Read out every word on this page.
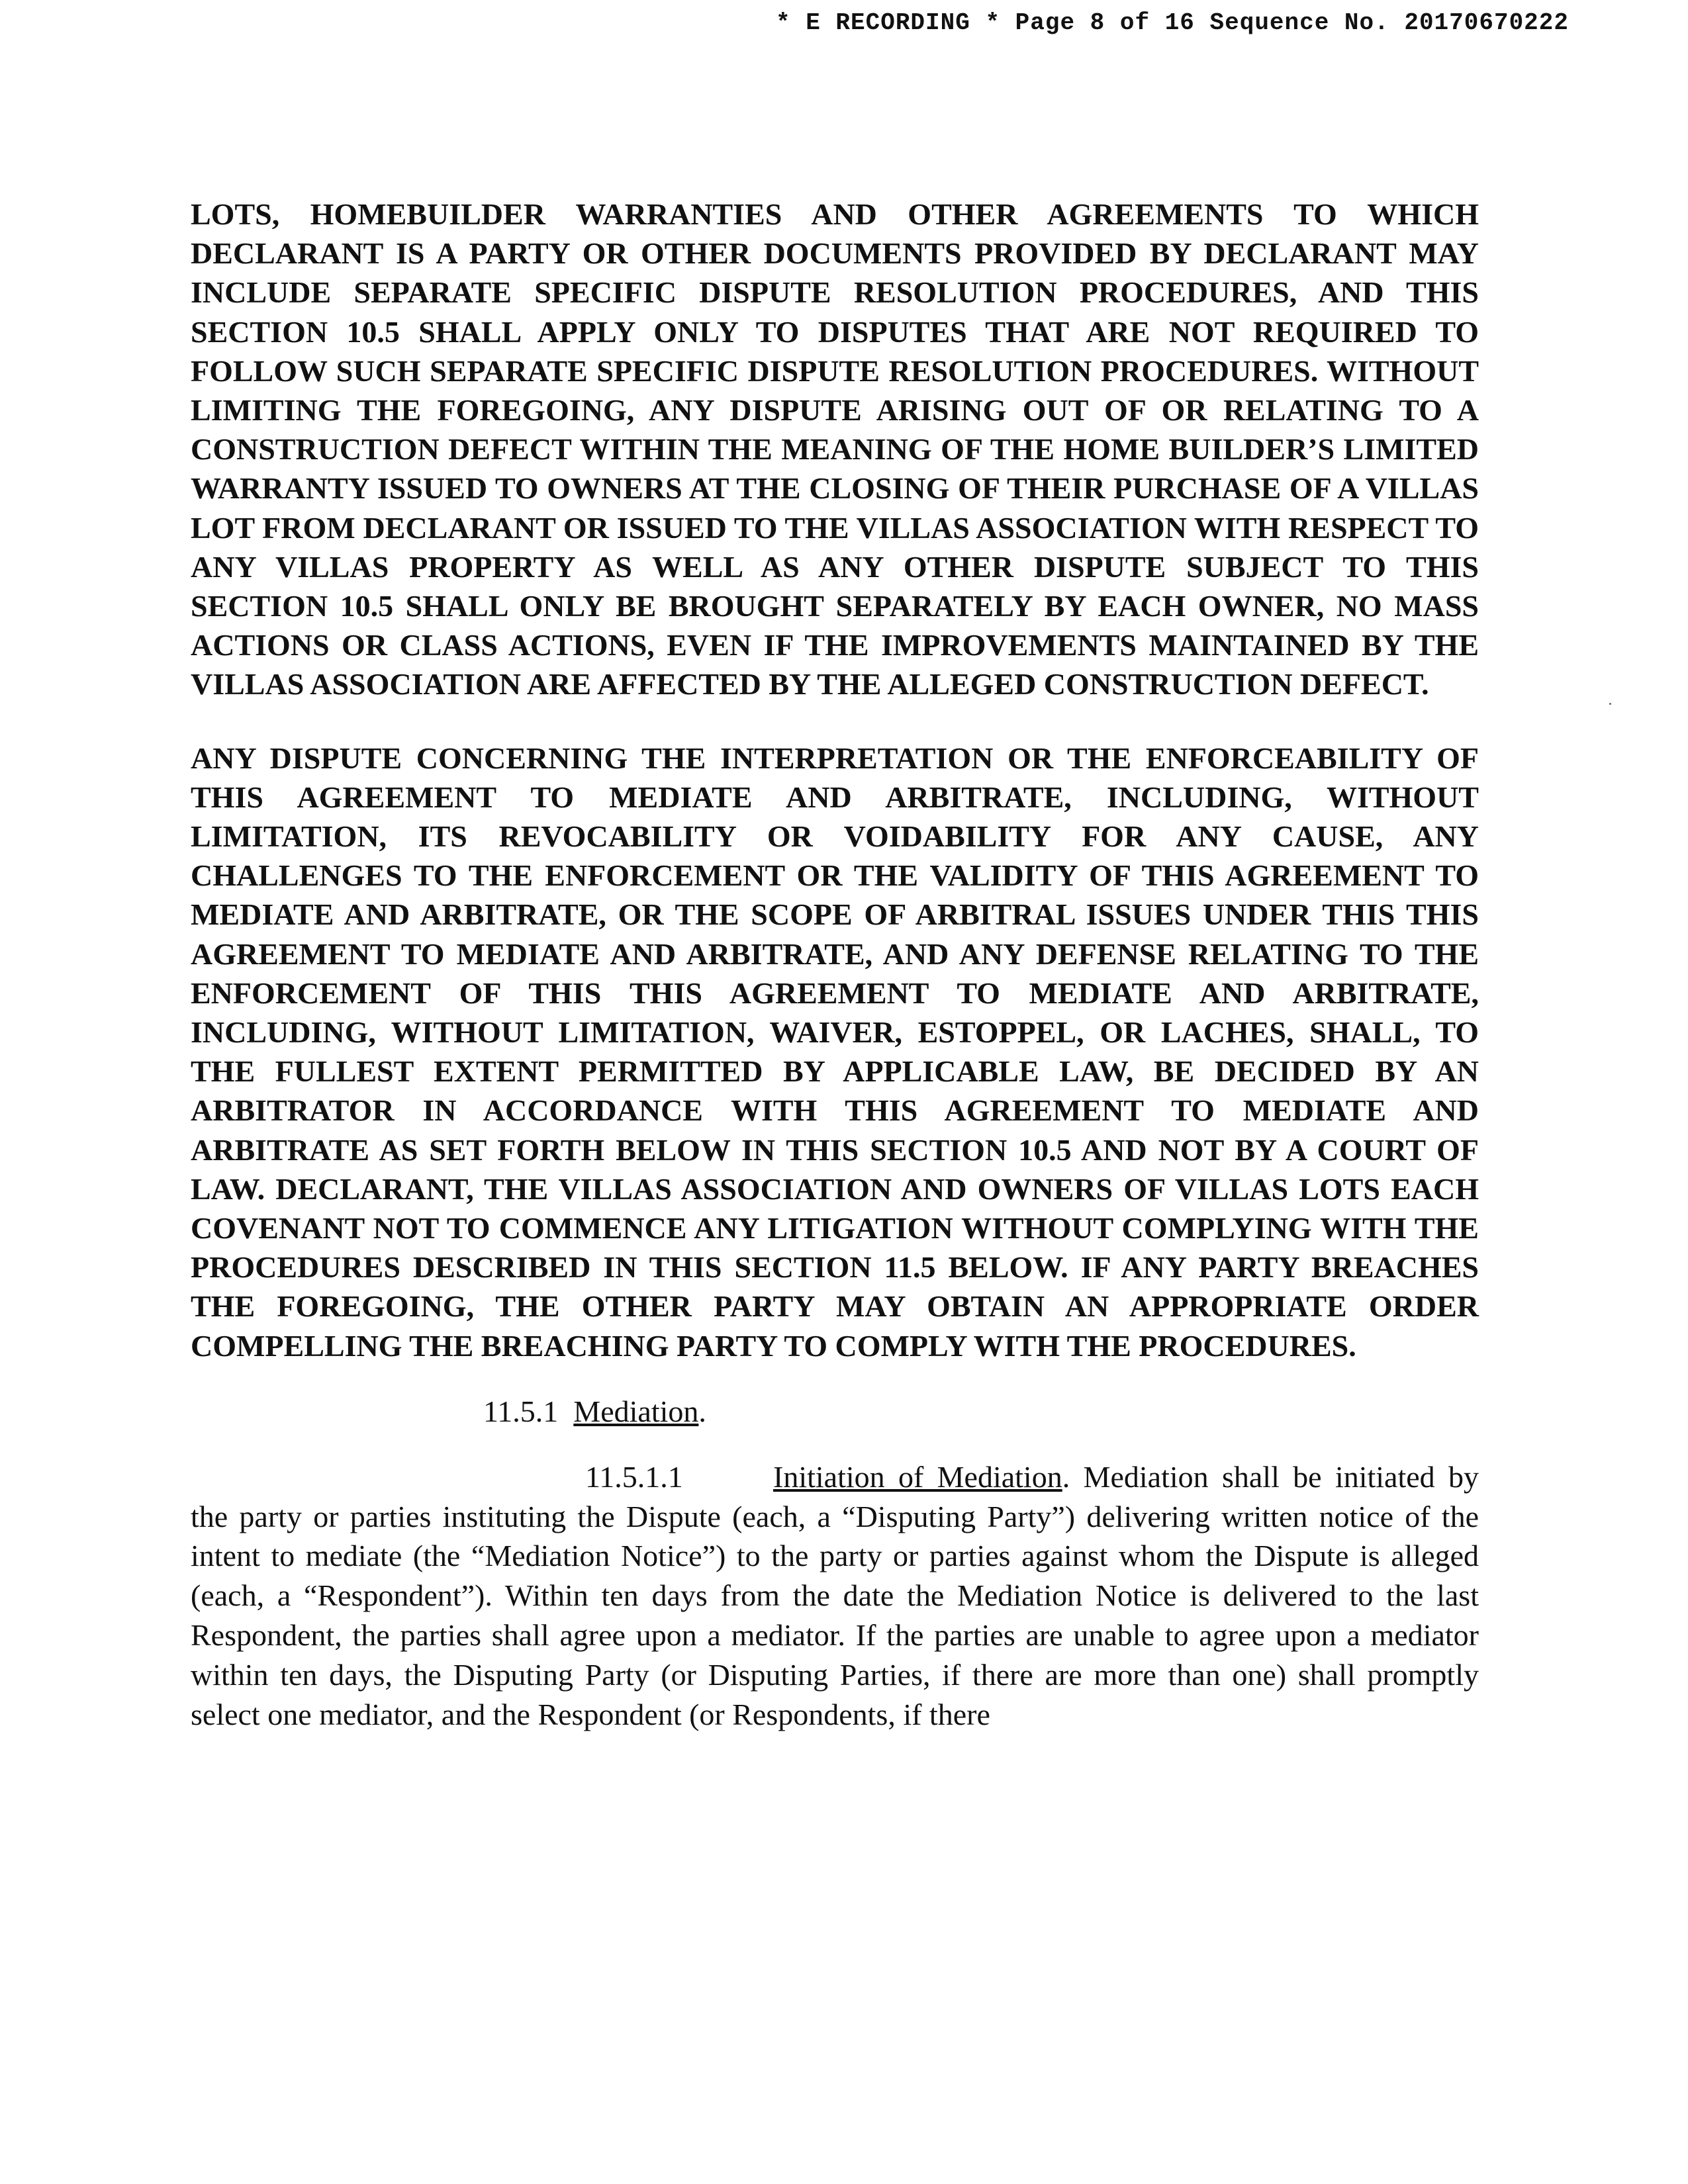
* E RECORDING * Page 8 of 16 Sequence No. 20170670222

LOTS, HOMEBUILDER WARRANTIES AND OTHER AGREEMENTS TO WHICH DECLARANT IS A PARTY OR OTHER DOCUMENTS PROVIDED BY DECLARANT MAY INCLUDE SEPARATE SPECIFIC DISPUTE RESOLUTION PROCEDURES, AND THIS SECTION 10.5 SHALL APPLY ONLY TO DISPUTES THAT ARE NOT REQUIRED TO FOLLOW SUCH SEPARATE SPECIFIC DISPUTE RESOLUTION PROCEDURES. WITHOUT LIMITING THE FOREGOING, ANY DISPUTE ARISING OUT OF OR RELATING TO A CONSTRUCTION DEFECT WITHIN THE MEANING OF THE HOME BUILDER’S LIMITED WARRANTY ISSUED TO OWNERS AT THE CLOSING OF THEIR PURCHASE OF A VILLAS LOT FROM DECLARANT OR ISSUED TO THE VILLAS ASSOCIATION WITH RESPECT TO ANY VILLAS PROPERTY AS WELL AS ANY OTHER DISPUTE SUBJECT TO THIS SECTION 10.5 SHALL ONLY BE BROUGHT SEPARATELY BY EACH OWNER, NO MASS ACTIONS OR CLASS ACTIONS, EVEN IF THE IMPROVEMENTS MAINTAINED BY THE VILLAS ASSOCIATION ARE AFFECTED BY THE ALLEGED CONSTRUCTION DEFECT.

ANY DISPUTE CONCERNING THE INTERPRETATION OR THE ENFORCEABILITY OF THIS AGREEMENT TO MEDIATE AND ARBITRATE, INCLUDING, WITHOUT LIMITATION, ITS REVOCABILITY OR VOIDABILITY FOR ANY CAUSE, ANY CHALLENGES TO THE ENFORCEMENT OR THE VALIDITY OF THIS AGREEMENT TO MEDIATE AND ARBITRATE, OR THE SCOPE OF ARBITRAL ISSUES UNDER THIS THIS AGREEMENT TO MEDIATE AND ARBITRATE, AND ANY DEFENSE RELATING TO THE ENFORCEMENT OF THIS THIS AGREEMENT TO MEDIATE AND ARBITRATE, INCLUDING, WITHOUT LIMITATION, WAIVER, ESTOPPEL, OR LACHES, SHALL, TO THE FULLEST EXTENT PERMITTED BY APPLICABLE LAW, BE DECIDED BY AN ARBITRATOR IN ACCORDANCE WITH THIS AGREEMENT TO MEDIATE AND ARBITRATE AS SET FORTH BELOW IN THIS SECTION 10.5 AND NOT BY A COURT OF LAW. DECLARANT, THE VILLAS ASSOCIATION AND OWNERS OF VILLAS LOTS EACH COVENANT NOT TO COMMENCE ANY LITIGATION WITHOUT COMPLYING WITH THE PROCEDURES DESCRIBED IN THIS SECTION 11.5 BELOW. IF ANY PARTY BREACHES THE FOREGOING, THE OTHER PARTY MAY OBTAIN AN APPROPRIATE ORDER COMPELLING THE BREACHING PARTY TO COMPLY WITH THE PROCEDURES.

11.5.1 Mediation.

11.5.1.1	Initiation of Mediation. Mediation shall be initiated by the party or parties instituting the Dispute (each, a “Disputing Party”) delivering written notice of the intent to mediate (the “Mediation Notice”) to the party or parties against whom the Dispute is alleged (each, a “Respondent”). Within ten days from the date the Mediation Notice is delivered to the last Respondent, the parties shall agree upon a mediator. If the parties are unable to agree upon a mediator within ten days, the Disputing Party (or Disputing Parties, if there are more than one) shall promptly select one mediator, and the Respondent (or Respondents, if there
